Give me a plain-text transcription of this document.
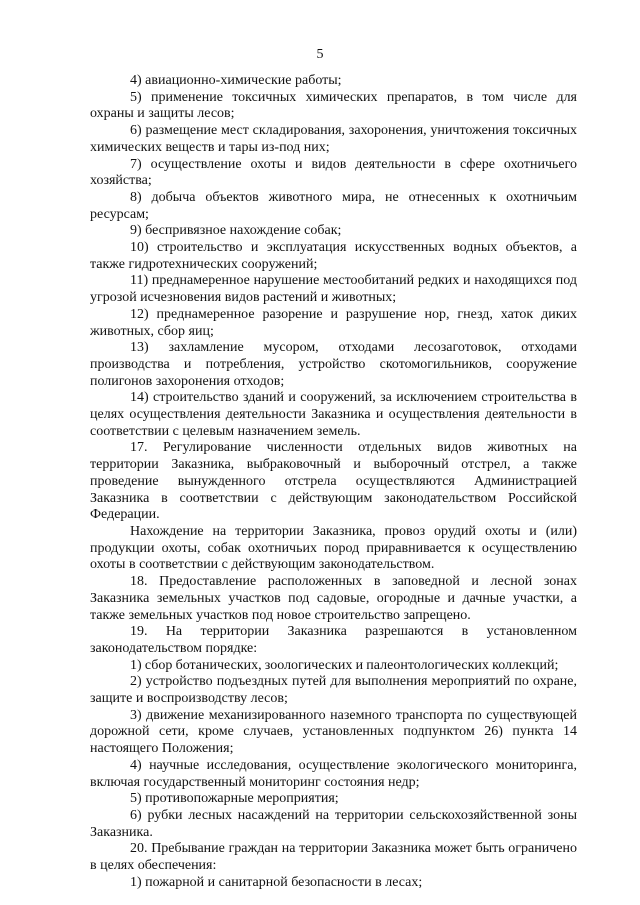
5

4) авиационно-химические работы;

5) применение токсичных химических препаратов, в том числе для охраны и защиты лесов;

6) размещение мест складирования, захоронения, уничтожения токсичных химических веществ и тары из-под них;

7) осуществление охоты и видов деятельности в сфере охотничьего хозяйства;

8) добыча объектов животного мира, не отнесенных к охотничьим ресурсам;

9) беспривязное нахождение собак;

10) строительство и эксплуатация искусственных водных объектов, а также гидротехнических сооружений;

11) преднамеренное нарушение местообитаний редких и находящихся под угрозой исчезновения видов растений и животных;

12) преднамеренное разорение и разрушение нор, гнезд, хаток диких животных, сбор яиц;

13) захламление мусором, отходами лесозаготовок, отходами производства и потребления, устройство скотомогильников, сооружение полигонов захоронения отходов;

14) строительство зданий и сооружений, за исключением строительства в целях осуществления деятельности Заказника и осуществления деятельности в соответствии с целевым назначением земель.

17. Регулирование численности отдельных видов животных на территории Заказника, выбраковочный и выборочный отстрел, а также проведение вынужденного отстрела осуществляются Администрацией Заказника в соответствии с действующим законодательством Российской Федерации.

Нахождение на территории Заказника, провоз орудий охоты и (или) продукции охоты, собак охотничьих пород приравнивается к осуществлению охоты в соответствии с действующим законодательством.

18. Предоставление расположенных в заповедной и лесной зонах Заказника земельных участков под садовые, огородные и дачные участки, а также земельных участков под новое строительство запрещено.

19. На территории Заказника разрешаются в установленном законодательством порядке:

1) сбор ботанических, зоологических и палеонтологических коллекций;

2) устройство подъездных путей для выполнения мероприятий по охране, защите и воспроизводству лесов;

3) движение механизированного наземного транспорта по существующей дорожной сети, кроме случаев, установленных подпунктом 26) пункта 14 настоящего Положения;

4) научные исследования, осуществление экологического мониторинга, включая государственный мониторинг состояния недр;

5) противопожарные мероприятия;

6) рубки лесных насаждений на территории сельскохозяйственной зоны Заказника.

20. Пребывание граждан на территории Заказника может быть ограничено в целях обеспечения:

1) пожарной и санитарной безопасности в лесах;
